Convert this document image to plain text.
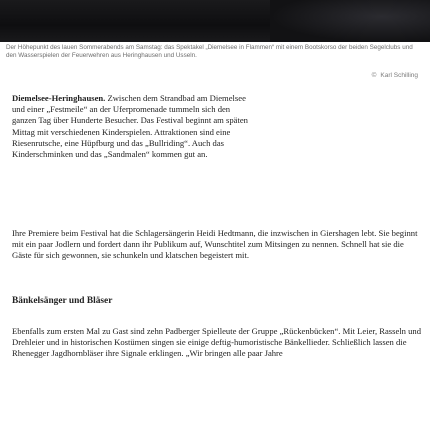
Der Höhepunkt des lauen Sommerabends am Samstag: das Spektakel „Diemelsee in Flammen“ mit einem Bootskorso der beiden Segelclubs und den Wasserspielen der Feuerwehren aus Heringhausen und Usseln.
© Karl Schilling

Diemelsee-Heringhausen. Zwischen dem Strandbad am Diemelsee und einer „Festmeile“ an der Uferpromenade tummeln sich den ganzen Tag über Hunderte Besucher. Das Festival beginnt am späten Mittag mit verschiedenen Kinderspielen. Attraktionen sind eine Riesenrutsche, eine Hüpfburg und das „Bullriding“. Auch das Kinderschminken und das „Sandmalen“ kommen gut an.

Ihre Premiere beim Festival hat die Schlagersängerin Heidi Hedtmann, die inzwischen in Giershagen lebt. Sie beginnt mit ein paar Jodlern und fordert dann ihr Publikum auf, Wunschtitel zum Mitsingen zu nennen. Schnell hat sie die Gäste für sich gewonnen, sie schunkeln und klatschen begeistert mit.

Bänkelsänger und Bläser

Ebenfalls zum ersten Mal zu Gast sind zehn Padberger Spielleute der Gruppe „Rückenbücken“. Mit Leier, Rasseln und Drehleier und in historischen Kostümen singen sie einige deftig-humoristische Bänkellieder. Schließlich lassen die Rhenegger Jagdhornbläser ihre Signale erklingen. „Wir bringen alle paar Jahre
